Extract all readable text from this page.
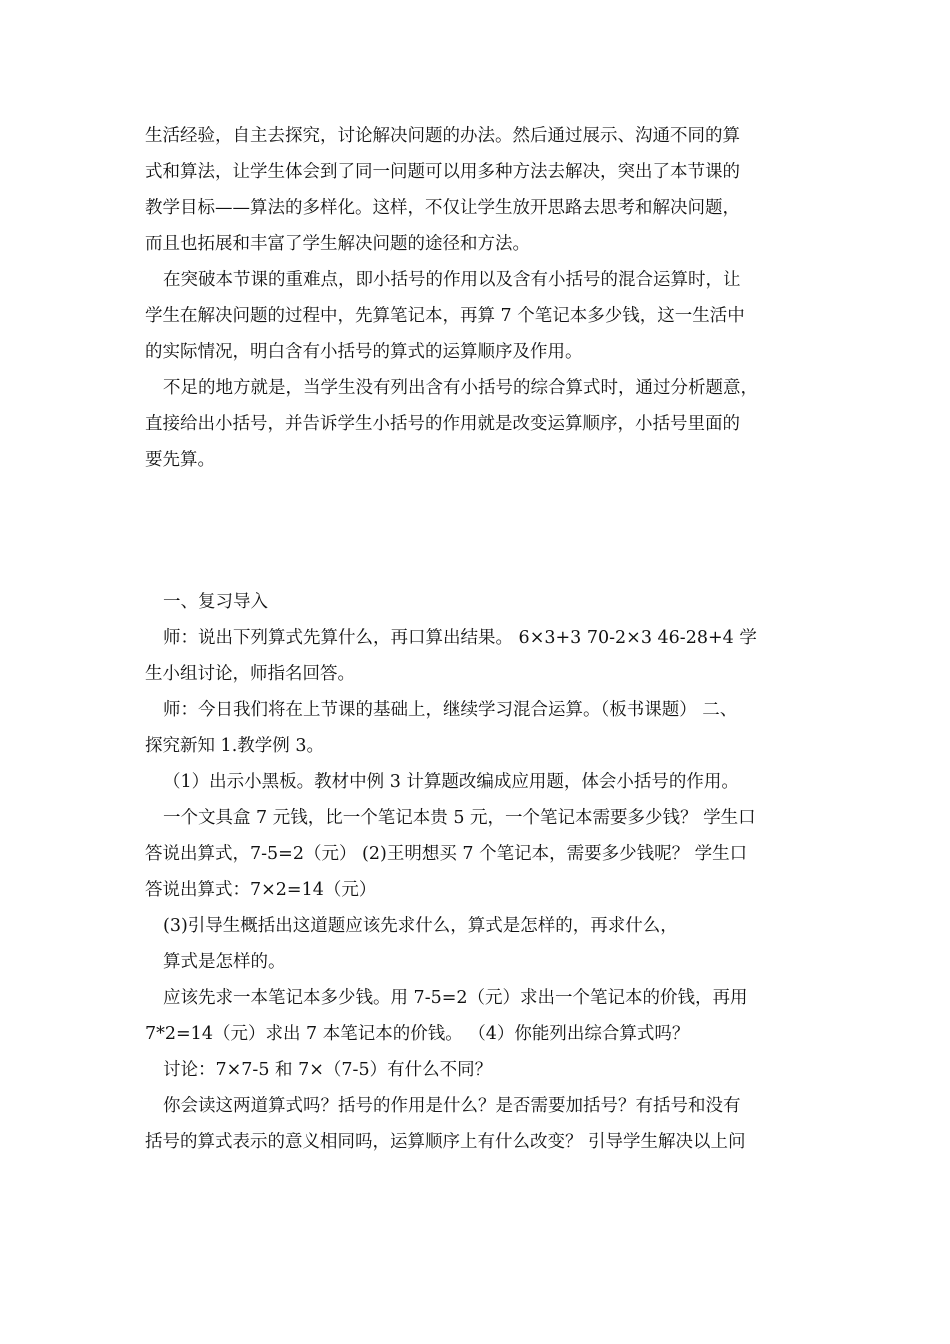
生活经验，自主去探究，讨论解决问题的办法。然后通过展示、沟通不同的算
式和算法，让学生体会到了同一问题可以用多种方法去解决，突出了本节课的
教学目标——算法的多样化。这样，不仅让学生放开思路去思考和解决问题，
而且也拓展和丰富了学生解决问题的途径和方法。
在突破本节课的重难点，即小括号的作用以及含有小括号的混合运算时，让
学生在解决问题的过程中，先算笔记本，再算 7 个笔记本多少钱，这一生活中
的实际情况，明白含有小括号的算式的运算顺序及作用。
不足的地方就是，当学生没有列出含有小括号的综合算式时，通过分析题意，
直接给出小括号，并告诉学生小括号的作用就是改变运算顺序，小括号里面的
要先算。
一、复习导入
师：说出下列算式先算什么，再口算出结果。 6×3+3 70-2×3 46-28+4 学
生小组讨论，师指名回答。
师：今日我们将在上节课的基础上，继续学习混合运算。（板书课题） 二、
探究新知 1.教学例 3。
（1）出示小黑板。教材中例 3 计算题改编成应用题，体会小括号的作用。
一个文具盒 7 元钱，比一个笔记本贵 5 元，一个笔记本需要多少钱？ 学生口
答说出算式，7-5=2（元） (2)王明想买 7 个笔记本，需要多少钱呢？ 学生口
答说出算式：7×2=14（元）
(3)引导生概括出这道题应该先求什么，算式是怎样的，再求什么，
算式是怎样的。
应该先求一本笔记本多少钱。用 7-5=2（元）求出一个笔记本的价钱，再用
7*2=14（元）求出 7 本笔记本的价钱。 （4）你能列出综合算式吗？
讨论：7×7-5 和 7×（7-5）有什么不同？
你会读这两道算式吗？括号的作用是什么？是否需要加括号？有括号和没有
括号的算式表示的意义相同吗，运算顺序上有什么改变？ 引导学生解决以上问
